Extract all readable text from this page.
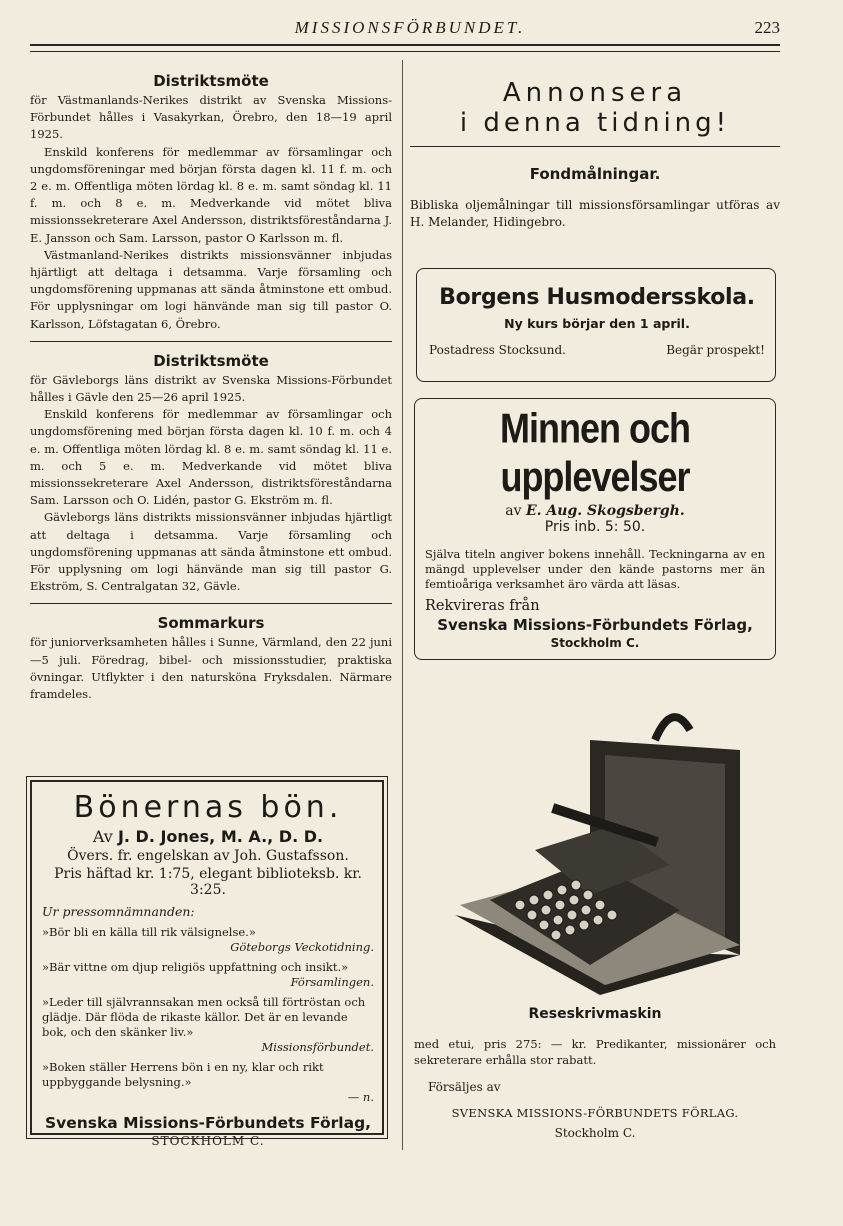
MISSIONSFÖRBUNDET.	223

Distriktsmöte

för Västmanlands-Nerikes distrikt av Svenska Missions-Förbundet hålles i Vasakyrkan, Örebro, den 18—19 april 1925.

Enskild konferens för medlemmar av församlingar och ungdomsföreningar med början första dagen kl. 11 f. m. och 2 e. m. Offentliga möten lördag kl. 8 e. m. samt söndag kl. 11 f. m. och 8 e. m. Medverkande vid mötet bliva missionssekreterare Axel Andersson, distriktsföreståndarna J. E. Jansson och Sam. Larsson, pastor O Karlsson m. fl.

Västmanland-Nerikes distrikts missionsvänner inbjudas hjärtligt att deltaga i detsamma. Varje församling och ungdomsförening uppmanas att sända åtminstone ett ombud. För upplysningar om logi hänvände man sig till pastor O. Karlsson, Löfstagatan 6, Örebro.

Distriktsmöte

för Gävleborgs läns distrikt av Svenska Missions-Förbundet hålles i Gävle den 25—26 april 1925.

Enskild konferens för medlemmar av församlingar och ungdomsförening med början första dagen kl. 10 f. m. och 4 e. m. Offentliga möten lördag kl. 8 e. m. samt söndag kl. 11 e. m. och 5 e. m. Medverkande vid mötet bliva missionssekreterare Axel Andersson, distriktsföreståndarna Sam. Larsson och O. Lidén, pastor G. Ekström m. fl.

Gävleborgs läns distrikts missionsvänner inbjudas hjärtligt att deltaga i detsamma. Varje församling och ungdomsförening uppmanas att sända åtminstone ett ombud. För upplysning om logi hänvände man sig till pastor G. Ekström, S. Centralgatan 32, Gävle.

Sommarkurs

för juniorverksamheten hålles i Sunne, Värmland, den 22 juni—5 juli. Föredrag, bibel- och missionsstudier, praktiska övningar. Utflykter i den natursköna Fryksdalen. Närmare framdeles.

Bönernas bön.

Av J. D. Jones, M. A., D. D.

Övers. fr. engelskan av Joh. Gustafsson.

Pris häftad kr. 1:75, elegant biblioteksb. kr. 3:25.

Ur pressomnämnanden:

»Bör bli en källa till rik välsignelse.»

Göteborgs Veckotidning.

»Bär vittne om djup religiös uppfattning och insikt.»

Församlingen.

»Leder till självrannsakan men också till förtröstan och glädje. Där flöda de rikaste källor. Det är en levande bok, och den skänker liv.»

Missionsförbundet.

»Boken ställer Herrens bön i en ny, klar och rikt uppbyggande belysning.»

— n.

Svenska Missions-Förbundets Förlag,

STOCKHOLM C.

Annonsera

i denna tidning!

Fondmålningar.

Bibliska oljemålningar till missionsförsamlingar utföras av H. Melander, Hidingebro.

Borgens Husmodersskola.

Ny kurs börjar den 1 april.

Postadress Stocksund.	Begär prospekt!

Minnen och upplevelser

av E. Aug. Skogsbergh.

Pris inb. 5: 50.

Själva titeln angiver bokens innehåll. Teckningarna av en mängd upplevelser under den kände pastorns mer än femtioåriga verksamhet äro värda att läsas.

Rekvireras från

Svenska Missions-Förbundets Förlag,

Stockholm C.

Reseskrivmaskin
med etui, pris 275: — kr. Predikanter, missionärer och sekreterare erhålla stor rabatt.
Försäljes av
SVENSKA MISSIONS-FÖRBUNDETS FÖRLAG.
Stockholm C.
